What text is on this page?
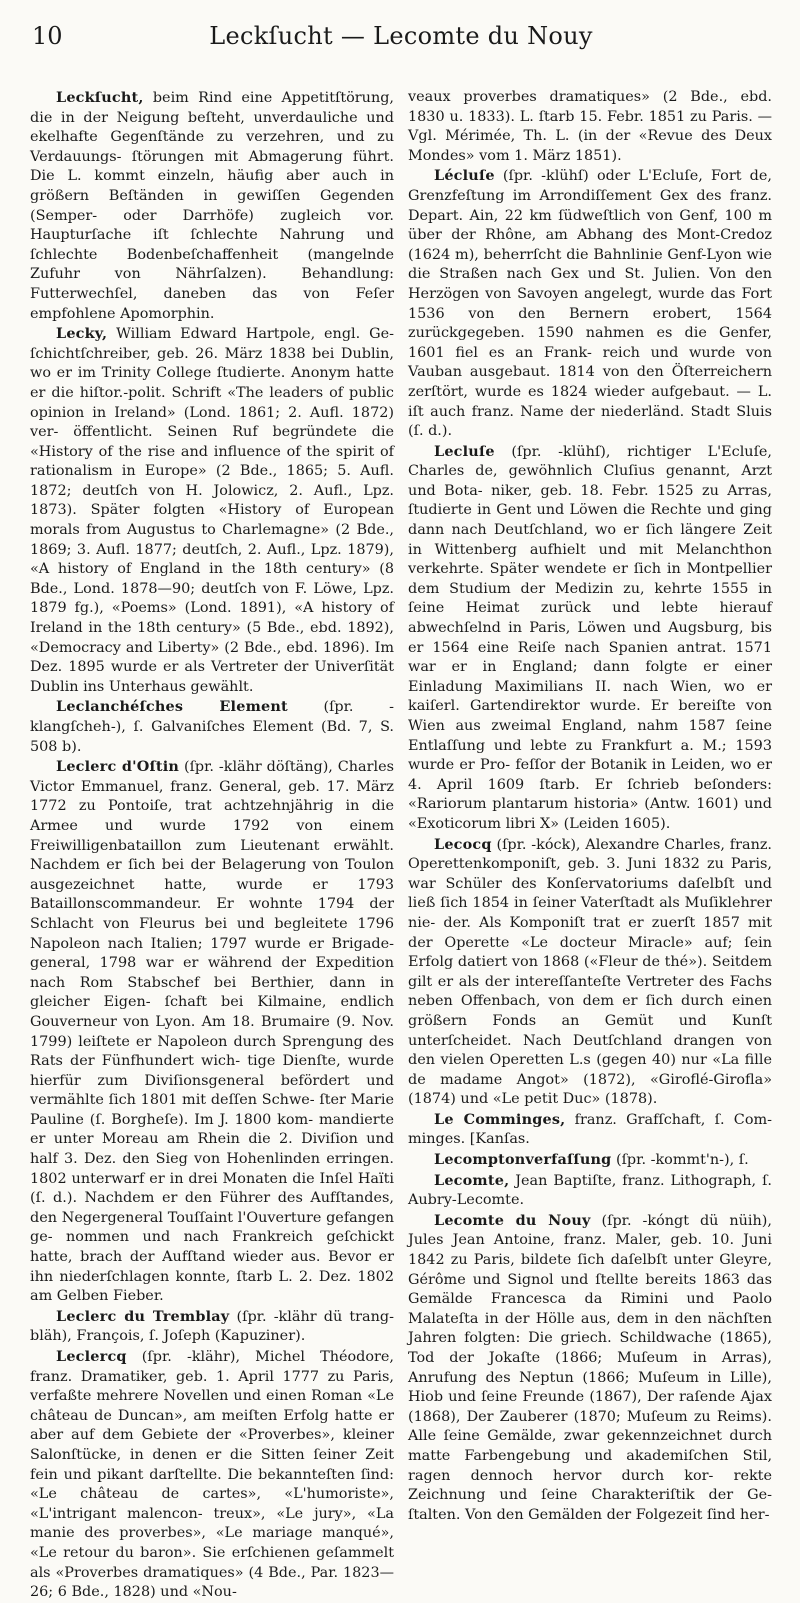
10	Leckſucht — Lecomte du Nouy

Leckſucht, beim Rind eine Appetitſtörung, die in der Neigung beſteht, unverdauliche und ekelhafte Gegenſtände zu verzehren, und zu Verdauungs- ſtörungen mit Abmagerung führt. Die L. kommt einzeln, häufig aber auch in größern Beſtänden in gewiſſen Gegenden (Semper- oder Darrhöfe) zugleich vor. Haupturſache iſt ſchlechte Nahrung und ſchlechte Bodenbeſchaffenheit (mangelnde Zufuhr von Nährſalzen). Behandlung: Futterwechſel, daneben das von Feſer empfohlene Apomorphin.

Lecky, William Edward Hartpole, engl. Ge- ſchichtſchreiber, geb. 26. März 1838 bei Dublin, wo er im Trinity College ſtudierte. Anonym hatte er die hiſtor.-polit. Schrift «The leaders of public opinion in Ireland» (Lond. 1861; 2. Aufl. 1872) ver- öffentlicht. Seinen Ruf begründete die «History of the rise and influence of the spirit of rationalism in Europe» (2 Bde., 1865; 5. Aufl. 1872; deutſch von H. Jolowicz, 2. Aufl., Lpz. 1873). Später folgten «History of European morals from Augustus to Charlemagne» (2 Bde., 1869; 3. Aufl. 1877; deutſch, 2. Aufl., Lpz. 1879), «A history of England in the 18th century» (8 Bde., Lond. 1878—90; deutſch von F. Löwe, Lpz. 1879 fg.), «Poems» (Lond. 1891), «A history of Ireland in the 18th century» (5 Bde., ebd. 1892), «Democracy and Liberty» (2 Bde., ebd. 1896). Im Dez. 1895 wurde er als Vertreter der Univerſität Dublin ins Unterhaus gewählt.

Leclanchéſches Element (ſpr. -klangſcheh-), ſ. Galvaniſches Element (Bd. 7, S. 508 b).

Leclerc d'Oſtin (ſpr. -klähr döſtäng), Charles Victor Emmanuel, franz. General, geb. 17. März 1772 zu Pontoiſe, trat achtzehnjährig in die Armee und wurde 1792 von einem Freiwilligenbataillon zum Lieutenant erwählt. Nachdem er ſich bei der Belagerung von Toulon ausgezeichnet hatte, wurde er 1793 Bataillonscommandeur. Er wohnte 1794 der Schlacht von Fleurus bei und begleitete 1796 Napoleon nach Italien; 1797 wurde er Brigade- general, 1798 war er während der Expedition nach Rom Stabschef bei Berthier, dann in gleicher Eigen- ſchaft bei Kilmaine, endlich Gouverneur von Lyon. Am 18. Brumaire (9. Nov. 1799) leiſtete er Napoleon durch Sprengung des Rats der Fünfhundert wich- tige Dienſte, wurde hierfür zum Diviſionsgeneral befördert und vermählte ſich 1801 mit deſſen Schwe- ſter Marie Pauline (ſ. Borgheſe). Im J. 1800 kom- mandierte er unter Moreau am Rhein die 2. Diviſion und half 3. Dez. den Sieg von Hohenlinden erringen. 1802 unterwarf er in drei Monaten die Inſel Haïti (ſ. d.). Nachdem er den Führer des Aufſtandes, den Negergeneral Touſſaint l'Ouverture gefangen ge- nommen und nach Frankreich geſchickt hatte, brach der Aufſtand wieder aus. Bevor er ihn niederſchlagen konnte, ſtarb L. 2. Dez. 1802 am Gelben Fieber.

Leclerc du Tremblay (ſpr. -klähr dü trang- bläh), François, ſ. Joſeph (Kapuziner).

Leclercq (ſpr. -klähr), Michel Théodore, franz. Dramatiker, geb. 1. April 1777 zu Paris, verfaßte mehrere Novellen und einen Roman «Le château de Duncan», am meiſten Erfolg hatte er aber auf dem Gebiete der «Proverbes», kleiner Salonſtücke, in denen er die Sitten ſeiner Zeit fein und pikant darſtellte. Die bekannteſten ſind: «Le château de cartes», «L'humoriste», «L'intrigant malencon- treux», «Le jury», «La manie des proverbes», «Le mariage manqué», «Le retour du baron». Sie erſchienen geſammelt als «Proverbes dramatiques» (4 Bde., Par. 1823—26; 6 Bde., 1828) und «Nou-

veaux proverbes dramatiques» (2 Bde., ebd. 1830 u. 1833). L. ſtarb 15. Febr. 1851 zu Paris. — Vgl. Mérimée, Th. L. (in der «Revue des Deux Mondes» vom 1. März 1851).

Lécluſe (ſpr. -klühſ) oder L'Ecluſe, Fort de, Grenzfeſtung im Arrondiſſement Gex des franz. Depart. Ain, 22 km ſüdweſtlich von Genf, 100 m über der Rhône, am Abhang des Mont-Credoz (1624 m), beherrſcht die Bahnlinie Genf-Lyon wie die Straßen nach Gex und St. Julien. Von den Herzögen von Savoyen angelegt, wurde das Fort 1536 von den Bernern erobert, 1564 zurückgegeben. 1590 nahmen es die Genfer, 1601 fiel es an Frank- reich und wurde von Vauban ausgebaut. 1814 von den Öſterreichern zerſtört, wurde es 1824 wieder aufgebaut. — L. iſt auch franz. Name der niederländ. Stadt Sluis (ſ. d.).

Lecluſe (ſpr. -klühſ), richtiger L'Ecluſe, Charles de, gewöhnlich Cluſius genannt, Arzt und Bota- niker, geb. 18. Febr. 1525 zu Arras, ſtudierte in Gent und Löwen die Rechte und ging dann nach Deutſchland, wo er ſich längere Zeit in Wittenberg aufhielt und mit Melanchthon verkehrte. Später wendete er ſich in Montpellier dem Studium der Medizin zu, kehrte 1555 in ſeine Heimat zurück und lebte hierauf abwechſelnd in Paris, Löwen und Augsburg, bis er 1564 eine Reiſe nach Spanien antrat. 1571 war er in England; dann folgte er einer Einladung Maximilians II. nach Wien, wo er kaiſerl. Gartendirektor wurde. Er bereiſte von Wien aus zweimal England, nahm 1587 ſeine Entlaſſung und lebte zu Frankfurt a. M.; 1593 wurde er Pro- feſſor der Botanik in Leiden, wo er 4. April 1609 ſtarb. Er ſchrieb beſonders: «Rariorum plantarum historia» (Antw. 1601) und «Exoticorum libri X» (Leiden 1605).

Lecocq (ſpr. -kóck), Alexandre Charles, franz. Operettenkomponiſt, geb. 3. Juni 1832 zu Paris, war Schüler des Konſervatoriums daſelbſt und ließ ſich 1854 in ſeiner Vaterſtadt als Muſiklehrer nie- der. Als Komponiſt trat er zuerſt 1857 mit der Operette «Le docteur Miracle» auf; ſein Erfolg datiert von 1868 («Fleur de thé»). Seitdem gilt er als der intereſſanteſte Vertreter des Fachs neben Offenbach, von dem er ſich durch einen größern Fonds an Gemüt und Kunſt unterſcheidet. Nach Deutſchland drangen von den vielen Operetten L.s (gegen 40) nur «La fille de madame Angot» (1872), «Giroflé-Girofla» (1874) und «Le petit Duc» (1878).

Le Comminges, franz. Grafſchaft, ſ. Com- minges. [Kanſas.

Lecomptonverfaſſung (ſpr. -kommt'n-), ſ.

Lecomte, Jean Baptiſte, franz. Lithograph, ſ. Aubry-Lecomte.

Lecomte du Nouy (ſpr. -kóngt dü nüih), Jules Jean Antoine, franz. Maler, geb. 10. Juni 1842 zu Paris, bildete ſich daſelbſt unter Gleyre, Gérôme und Signol und ſtellte bereits 1863 das Gemälde Francesca da Rimini und Paolo Malateſta in der Hölle aus, dem in den nächſten Jahren folgten: Die griech. Schildwache (1865), Tod der Jokaſte (1866; Muſeum in Arras), Anrufung des Neptun (1866; Muſeum in Lille), Hiob und ſeine Freunde (1867), Der raſende Ajax (1868), Der Zauberer (1870; Muſeum zu Reims). Alle ſeine Gemälde, zwar gekennzeichnet durch matte Farbengebung und akademiſchen Stil, ragen dennoch hervor durch kor- rekte Zeichnung und ſeine Charakteriſtik der Ge- ſtalten. Von den Gemälden der Folgezeit ſind her-
